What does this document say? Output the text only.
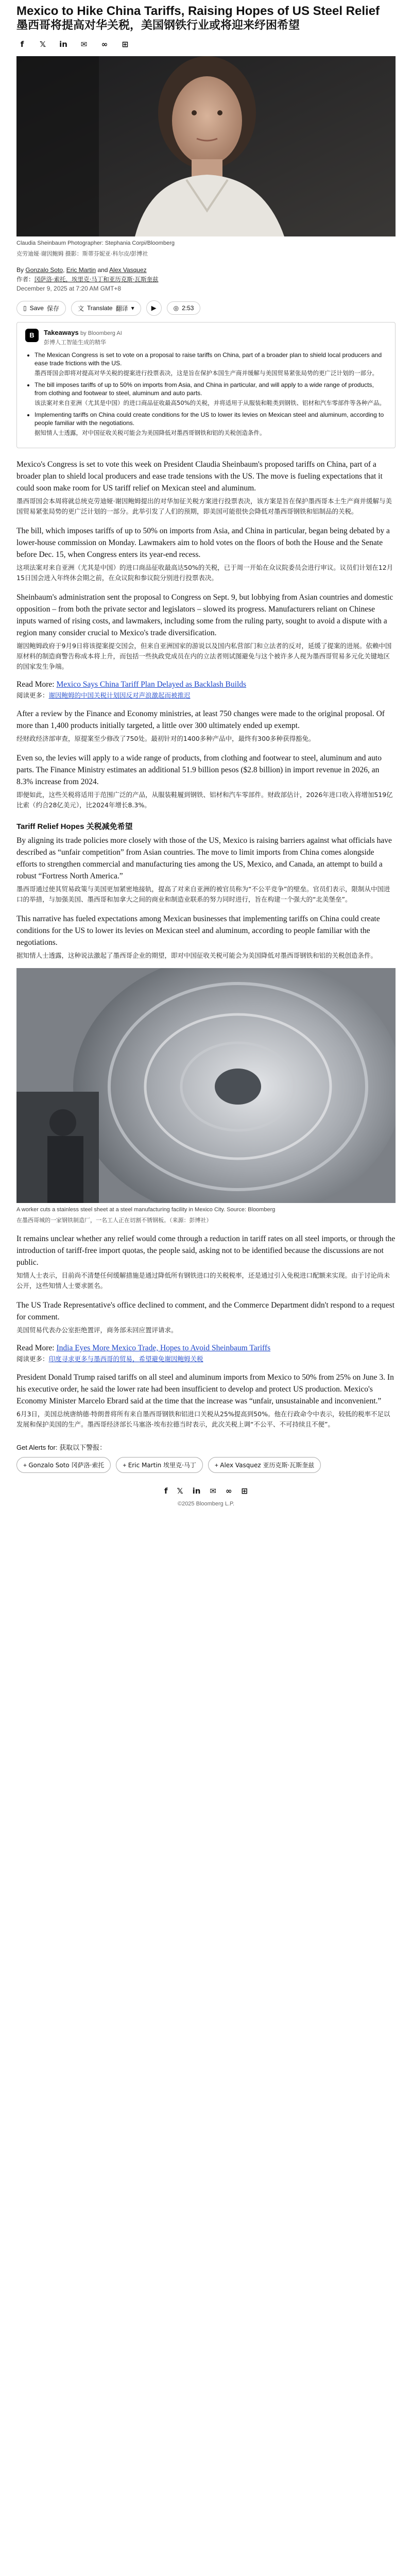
Mexico to Hike China Tariffs, Raising Hopes of US Steel Relief
墨西哥将提高对华关税，美国钢铁行业或将迎来纾困希望
f	𝕏	in	✉	∞	⊞

Claudia Sheinbaum Photographer: Stephania Corpi/Bloomberg

克劳迪娅·谢因鲍姆 摄影：斯蒂芬妮亚·科尔皮/彭博社

By Gonzalo Soto, Eric Martin and Alex Vasquez
作者：冈萨洛·索托，埃里克·马丁和亚历克斯·瓦斯奎兹
December 9, 2025 at 7:20 AM GMT+8
▯ Save 保存	文 Translate 翻译 ▾	▶	◎ 2:53
B	Takeaways by Bloomberg AI
彭博人工智能生成的精华
• The Mexican Congress is set to vote on a proposal to raise tariffs on China, part of a broader plan to shield local producers and ease trade frictions with the US.
墨西哥国会即将对提高对华关税的提案进行投票表决，这是旨在保护本国生产商并缓解与美国贸易紧张局势的更广泛计划的一部分。
• The bill imposes tariffs of up to 50% on imports from Asia, and China in particular, and will apply to a wide range of products, from clothing and footwear to steel, aluminum and auto parts.
该法案对来自亚洲（尤其是中国）的进口商品征收最高50%的关税，并将适用于从服装和鞋类到钢铁、铝材和汽车零部件等各种产品。
• Implementing tariffs on China could create conditions for the US to lower its levies on Mexican steel and aluminum, according to people familiar with the negotiations.
据知情人士透露，对中国征收关税可能会为美国降低对墨西哥钢铁和铝的关税创造条件。

Mexico's Congress is set to vote this week on President Claudia Sheinbaum's proposed tariffs on China, part of a broader plan to shield local producers and ease trade tensions with the US. The move is fueling expectations that it could soon make room for US tariff relief on Mexican steel and aluminum.

墨西哥国会本周将就总统克劳迪娅·谢因鲍姆提出的对华加征关税方案进行投票表决，该方案是旨在保护墨西哥本土生产商并缓解与美国贸易紧张局势的更广泛计划的一部分。此举引发了人们的预期，即美国可能很快会降低对墨西哥钢铁和铝制品的关税。

The bill, which imposes tariffs of up to 50% on imports from Asia, and China in particular, began being debated by a lower-house commission on Monday. Lawmakers aim to hold votes on the floors of both the House and the Senate before Dec. 15, when Congress enters its year-end recess.

这项法案对来自亚洲（尤其是中国）的进口商品征收最高达50%的关税，已于周一开始在众议院委员会进行审议。议员们计划在12月15日国会进入年终休会期之前，在众议院和参议院分别进行投票表决。

Sheinbaum's administration sent the proposal to Congress on Sept. 9, but lobbying from Asian countries and domestic opposition – from both the private sector and legislators – slowed its progress. Manufacturers reliant on Chinese inputs warned of rising costs, and lawmakers, including some from the ruling party, sought to avoid a dispute with a region many consider crucial to Mexico's trade diversification.

谢因鲍姆政府于9月9日将该提案提交国会，但来自亚洲国家的游说以及国内私营部门和立法者的反对，延缓了提案的进展。依赖中国原材料的制造商警告称成本将上升，而包括一些执政党成员在内的立法者则试图避免与这个被许多人视为墨西哥贸易多元化关键地区的国家发生争端。

Read More: Mexico Says China Tariff Plan Delayed as Backlash Builds
阅读更多：谢因鲍姆的中国关税计划因反对声浪激起而被推迟

After a review by the Finance and Economy ministries, at least 750 changes were made to the original proposal. Of more than 1,400 products initially targeted, a little over 300 ultimately ended up exempt.

经财政经济部审查，原提案至少修改了750处。最初针对的1400多种产品中，最终有300多种获得豁免。

Even so, the levies will apply to a wide range of products, from clothing and footwear to steel, aluminum and auto parts. The Finance Ministry estimates an additional 51.9 billion pesos ($2.8 billion) in import revenue in 2026, an 8.3% increase from 2024.

即便如此，这些关税将适用于范围广泛的产品，从服装鞋履到钢铁、铝材和汽车零部件。财政部估计，2026年进口收入将增加519亿比索（约合28亿美元），比2024年增长8.3%。

Tariff Relief Hopes 关税减免希望

By aligning its trade policies more closely with those of the US, Mexico is raising barriers against what officials have described as “unfair competition” from Asian countries. The move to limit imports from China comes alongside efforts to strengthen commercial and manufacturing ties among the US, Mexico, and Canada, an attempt to build a robust “Fortress North America.”

墨西哥通过使其贸易政策与美国更加紧密地接轨，提高了对来自亚洲的被官员称为“不公平竞争”的壁垒。官员们表示，限制从中国进口的举措，与加强美国、墨西哥和加拿大之间的商业和制造业联系的努力同时进行，旨在构建一个强大的“北美堡垒”。

This narrative has fueled expectations among Mexican businesses that implementing tariffs on China could create conditions for the US to lower its levies on Mexican steel and aluminum, according to people familiar with the negotiations.

据知情人士透露，这种说法激起了墨西哥企业的期望，即对中国征收关税可能会为美国降低对墨西哥钢铁和铝的关税创造条件。

A worker cuts a stainless steel sheet at a steel manufacturing facility in Mexico City. Source: Bloomberg

在墨西哥城的一家钢铁制造厂，一名工人正在切割不锈钢板。（来源：彭博社）

It remains unclear whether any relief would come through a reduction in tariff rates on all steel imports, or through the introduction of tariff-free import quotas, the people said, asking not to be identified because the discussions are not public.

知情人士表示，目前尚不清楚任何缓解措施是通过降低所有钢铁进口的关税税率，还是通过引入免税进口配额来实现。由于讨论尚未公开，这些知情人士要求匿名。

The US Trade Representative's office declined to comment, and the Commerce Department didn't respond to a request for comment.

美国贸易代表办公室拒绝置评，商务部未回应置评请求。

Read More: India Eyes More Mexico Trade, Hopes to Avoid Sheinbaum Tariffs
阅读更多：印度寻求更多与墨西哥的贸易，希望避免谢因鲍姆关税

President Donald Trump raised tariffs on all steel and aluminum imports from Mexico to 50% from 25% on June 3. In his executive order, he said the lower rate had been insufficient to develop and protect US production. Mexico's Economy Minister Marcelo Ebrard said at the time that the increase was “unfair, unsustainable and inconvenient.”

6月3日，美国总统唐纳德·特朗普将所有来自墨西哥钢铁和铝进口关税从25%提高到50%。他在行政命令中表示，较低的税率不足以发展和保护美国的生产。墨西哥经济部长马塞洛·埃布拉德当时表示，此次关税上调“不公平、不可持续且不便”。

Get Alerts for: 获取以下警报：
+ Gonzalo Soto 冈萨洛·索托	+ Eric Martin 埃里克·马丁	+ Alex Vasquez 亚历克斯·瓦斯奎兹
f 𝕏 in ✉ ∞ ⊞
©2025 Bloomberg L.P.
